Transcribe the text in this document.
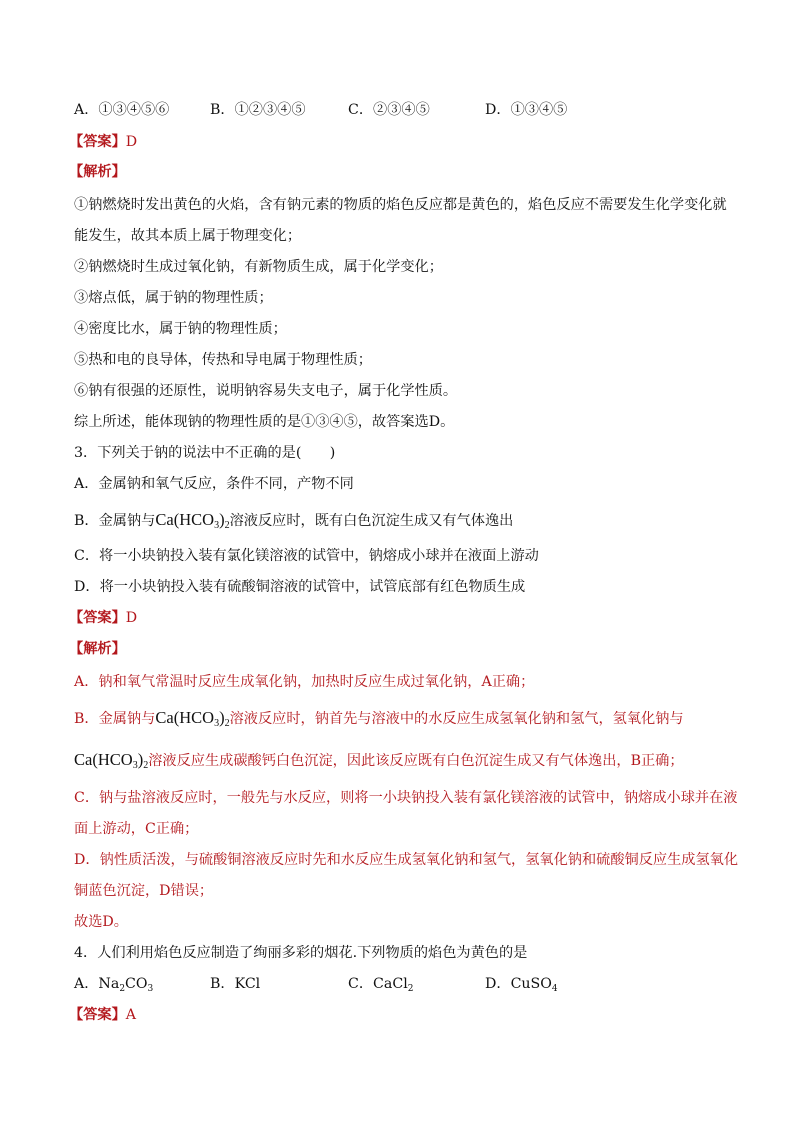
A．①③④⑤⑥	B．①②③④⑤	C．②③④⑤	D．①③④⑤
【答案】D
【解析】
①钠燃烧时发出黄色的火焰，含有钠元素的物质的焰色反应都是黄色的，焰色反应不需要发生化学变化就
能发生，故其本质上属于物理变化；
②钠燃烧时生成过氧化钠，有新物质生成，属于化学变化；
③熔点低，属于钠的物理性质；
④密度比水，属于钠的物理性质；
⑤热和电的良导体，传热和导电属于物理性质；
⑥钠有很强的还原性，说明钠容易失支电子，属于化学性质。
综上所述，能体现钠的物理性质的是①③④⑤，故答案选D。
3．下列关于钠的说法中不正确的是(　　)
A．金属钠和氧气反应，条件不同，产物不同
B．金属钠与$Ca(HCO_3)_2$溶液反应时，既有白色沉淀生成又有气体逸出
C．将一小块钠投入装有氯化镁溶液的试管中，钠熔成小球并在液面上游动
D．将一小块钠投入装有硫酸铜溶液的试管中，试管底部有红色物质生成
【答案】D
【解析】
A．钠和氧气常温时反应生成氧化钠，加热时反应生成过氧化钠，A正确；
B．金属钠与$Ca(HCO_3)_2$溶液反应时，钠首先与溶液中的水反应生成氢氧化钠和氢气，氢氧化钠与
$Ca(HCO_3)_2$溶液反应生成碳酸钙白色沉淀，因此该反应既有白色沉淀生成又有气体逸出，B正确；
C．钠与盐溶液反应时，一般先与水反应，则将一小块钠投入装有氯化镁溶液的试管中，钠熔成小球并在液
面上游动，C正确；
D．钠性质活泼，与硫酸铜溶液反应时先和水反应生成氢氧化钠和氢气，氢氧化钠和硫酸铜反应生成氢氧化
铜蓝色沉淀，D错误；
故选D。
4．人们利用焰色反应制造了绚丽多彩的烟花.下列物质的焰色为黄色的是
A．$Na_2CO_3$	B．KCl	C．CaCl$_2$	D．CuSO$_4$
【答案】A
